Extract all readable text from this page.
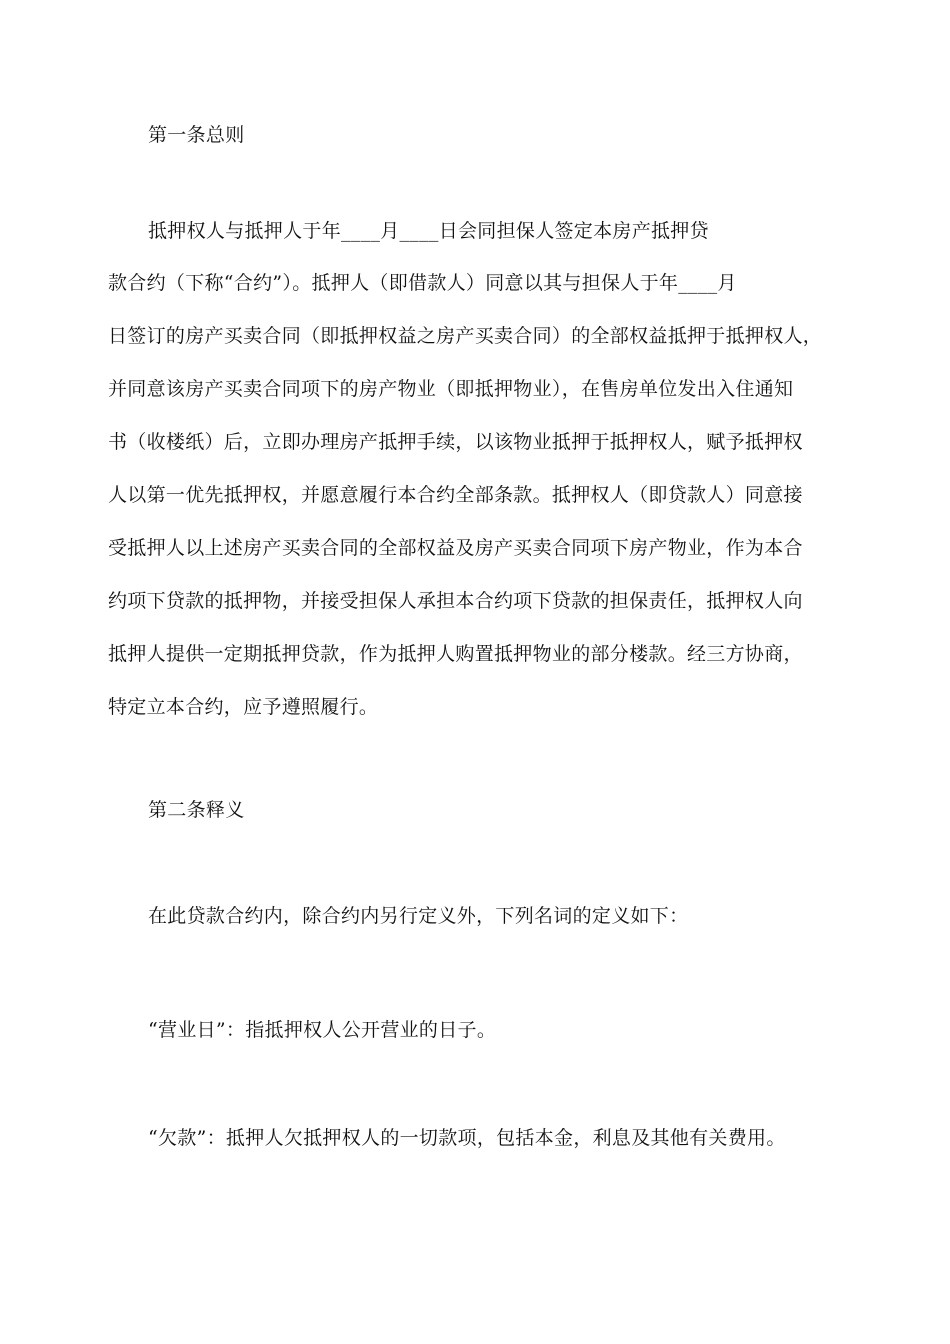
第一条总则
抵押权人与抵押人于年____月____日会同担保人签定本房产抵押贷
款合约（下称“合约”）。抵押人（即借款人）同意以其与担保人于年____月
日签订的房产买卖合同（即抵押权益之房产买卖合同）的全部权益抵押于抵押权人，
并同意该房产买卖合同项下的房产物业（即抵押物业），在售房单位发出入住通知
书（收楼纸）后，立即办理房产抵押手续，以该物业抵押于抵押权人，赋予抵押权
人以第一优先抵押权，并愿意履行本合约全部条款。抵押权人（即贷款人）同意接
受抵押人以上述房产买卖合同的全部权益及房产买卖合同项下房产物业，作为本合
约项下贷款的抵押物，并接受担保人承担本合约项下贷款的担保责任，抵押权人向
抵押人提供一定期抵押贷款，作为抵押人购置抵押物业的部分楼款。经三方协商，
特定立本合约，应予遵照履行。
第二条释义
在此贷款合约内，除合约内另行定义外，下列名词的定义如下：
“营业日”：指抵押权人公开营业的日子。
“欠款”：抵押人欠抵押权人的一切款项，包括本金，利息及其他有关费用。
